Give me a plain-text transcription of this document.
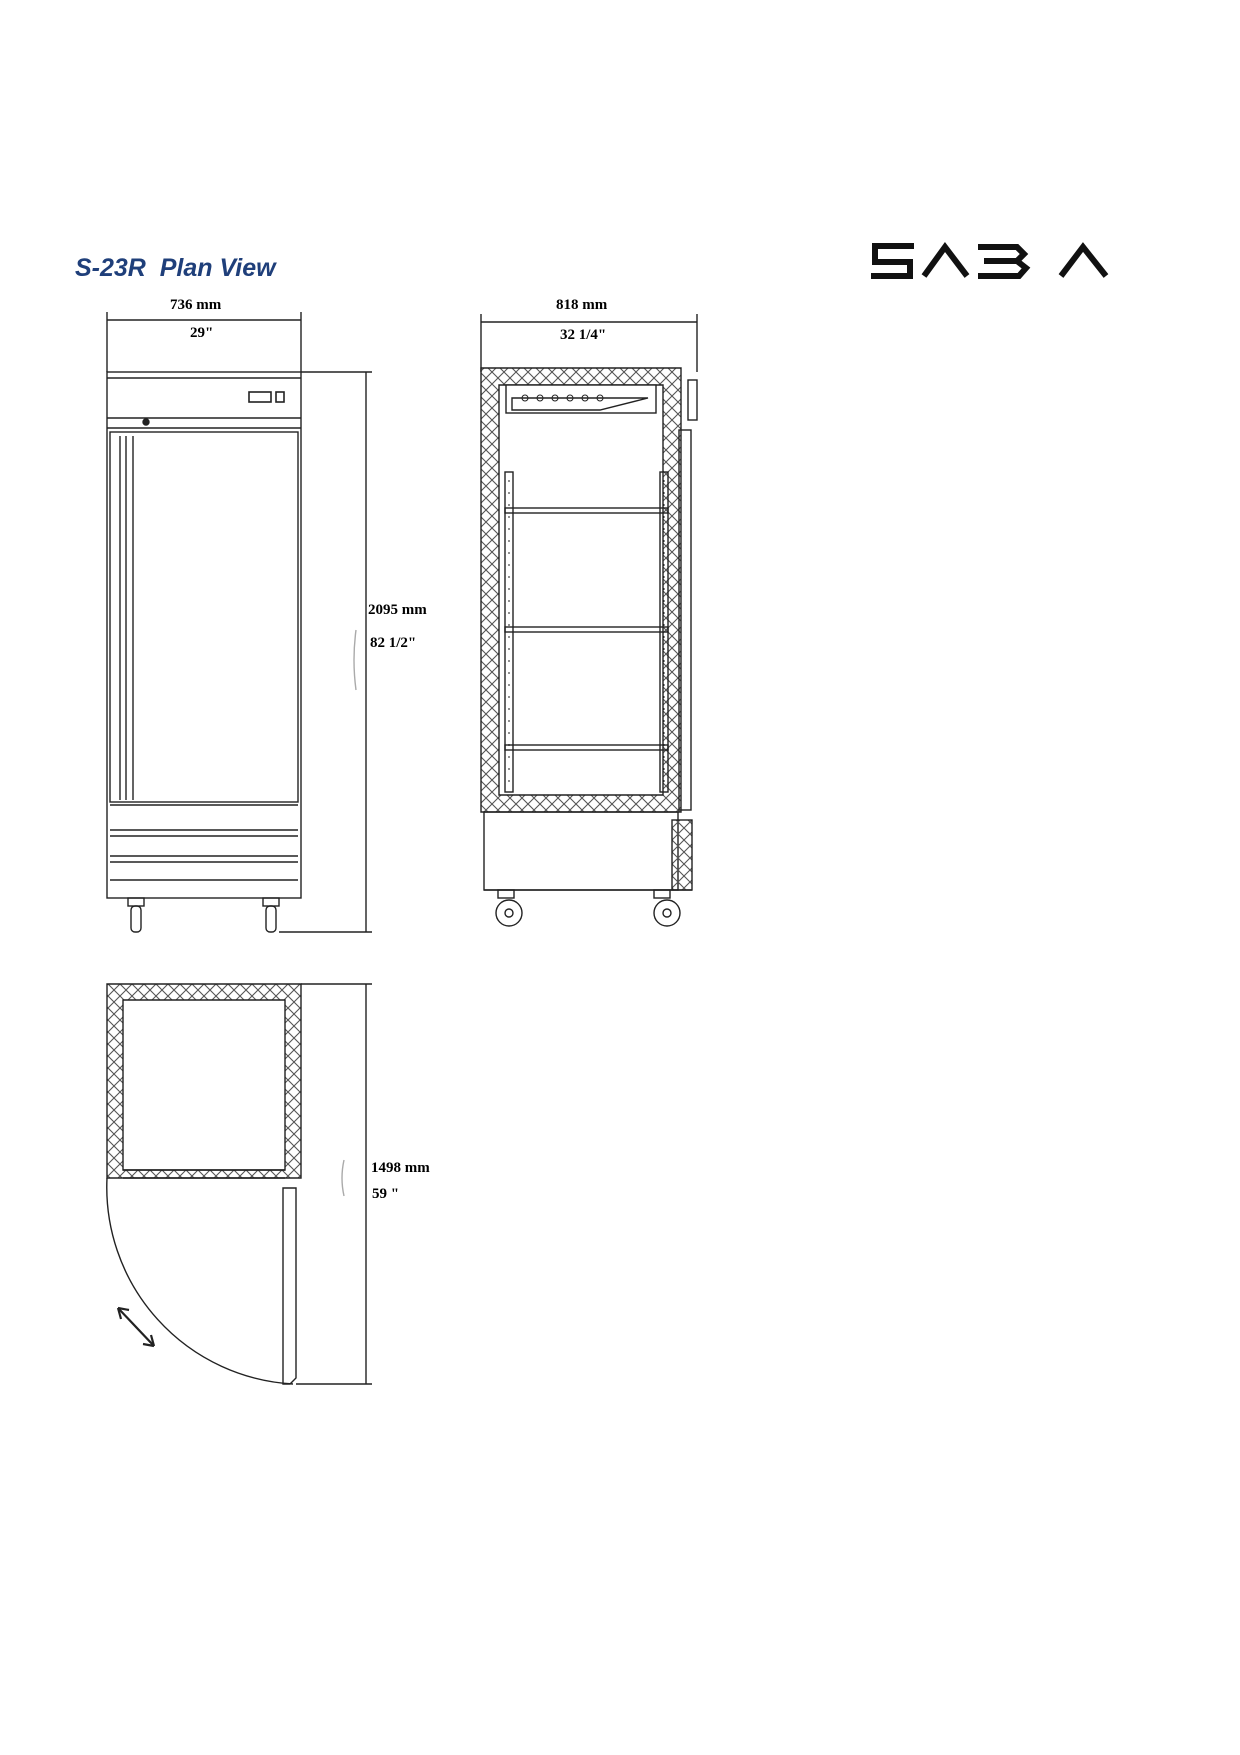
S-23R  Plan View
736 mm
29"
818 mm
32 1/4"
2095 mm
82 1/2"
1498 mm
59 "
